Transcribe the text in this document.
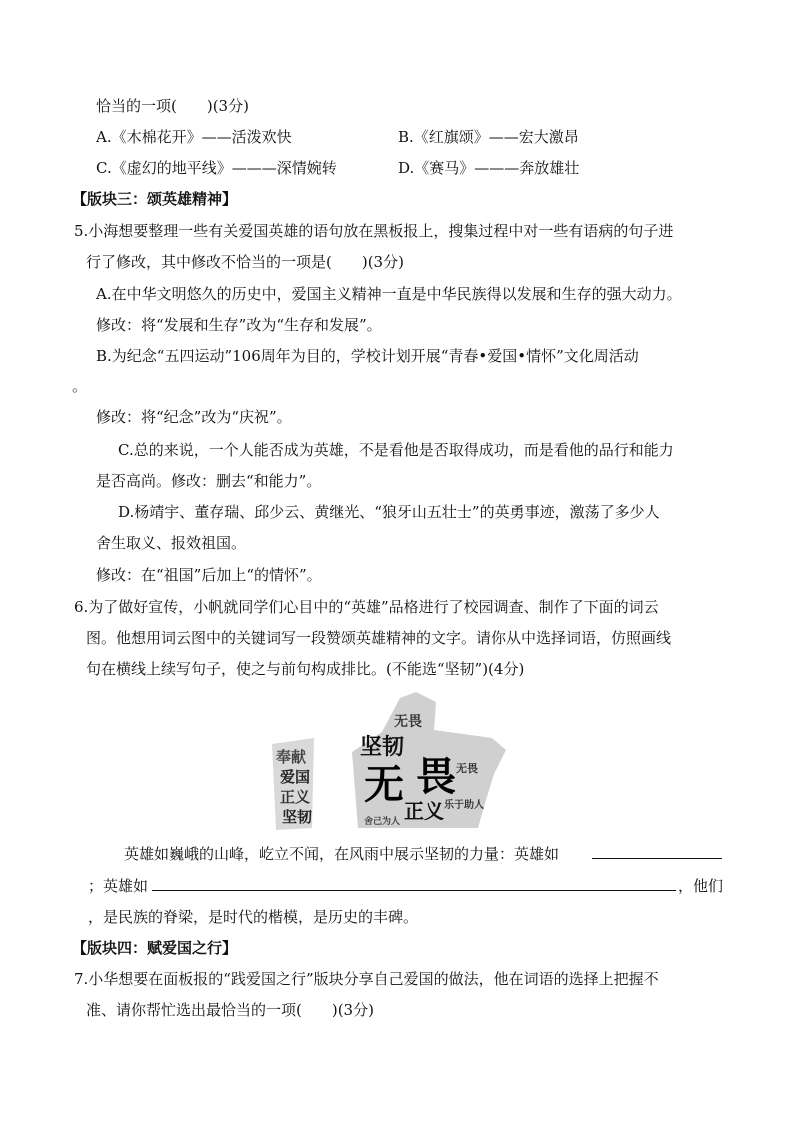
恰当的一项(　　)(3分)
A.《木棉花开》——活泼欢快	B.《红旗颂》——宏大激昂
C.《虚幻的地平线》———深情婉转	D.《赛马》———奔放雄壮
【版块三：颂英雄精神】
5.小海想要整理一些有关爱国英雄的语句放在黑板报上，搜集过程中对一些有语病的句子进
行了修改，其中修改不恰当的一项是(　　)(3分)
A.在中华文明悠久的历史中，爱国主义精神一直是中华民族得以发展和生存的强大动力。
修改：将“发展和生存”改为“生存和发展”。
B.为纪念“五四运动”106周年为目的，学校计划开展“青春•爱国•情怀”文化周活动
。
修改：将“纪念”改为“庆祝”。
C.总的来说，一个人能否成为英雄，不是看他是否取得成功，而是看他的品行和能力
是否高尚。修改：删去“和能力”。
D.杨靖宇、董存瑞、邱少云、黄继光、“狼牙山五壮士”的英勇事迹，激荡了多少人
舍生取义、报效祖国。
修改：在“祖国”后加上“的情怀”。
6.为了做好宣传，小帆就同学们心目中的“英雄”品格进行了校园调查、制作了下面的词云
图。他想用词云图中的关键词写一段赞颂英雄精神的文字。请你从中选择词语，仿照画线
句在横线上续写句子，使之与前句构成排比。(不能选“坚韧”)(4分)
奉献
爱国
正义
坚韧
坚韧
无畏
无 畏
正义 乐于助人
舍己为人
无畏
英雄如巍峨的山峰，屹立不闻，在风雨中展示坚韧的力量：英雄如
；英雄如	，他们
，是民族的脊梁，是时代的楷模，是历史的丰碑。
【版块四：赋爱国之行】
7.小华想要在面板报的“践爱国之行”版块分享自己爱国的做法，他在词语的选择上把握不
准、请你帮忙选出最恰当的一项(　　)(3分)
